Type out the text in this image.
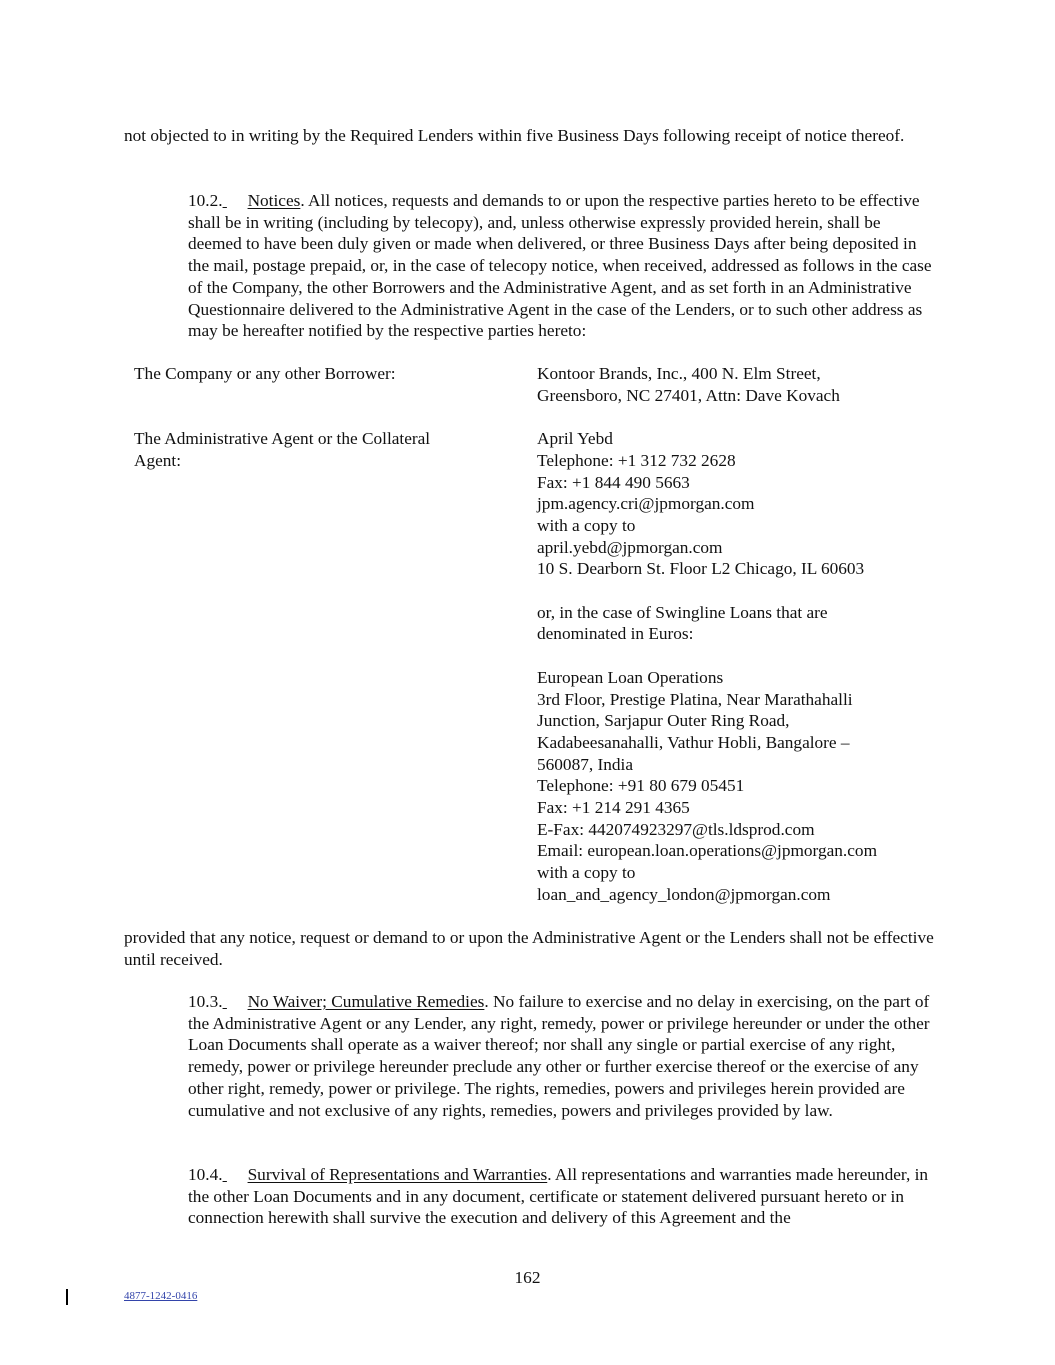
not objected to in writing by the Required Lenders within five Business Days following receipt of notice thereof.

10.2. Notices. All notices, requests and demands to or upon the respective parties hereto to be effective shall be in writing (including by telecopy), and, unless otherwise expressly provided herein, shall be deemed to have been duly given or made when delivered, or three Business Days after being deposited in the mail, postage prepaid, or, in the case of telecopy notice, when received, addressed as follows in the case of the Company, the other Borrowers and the Administrative Agent, and as set forth in an Administrative Questionnaire delivered to the Administrative Agent in the case of the Lenders, or to such other address as may be hereafter notified by the respective parties hereto:

The Company or any other Borrower:	Kontoor Brands, Inc., 400 N. Elm Street,
Greensboro, NC 27401, Attn: Dave Kovach
The Administrative Agent or the Collateral
Agent:
April Yebd
Telephone: +1 312 732 2628
Fax: +1 844 490 5663
jpm.agency.cri@jpmorgan.com
with a copy to
april.yebd@jpmorgan.com
10 S. Dearborn St. Floor L2 Chicago, IL 60603
or, in the case of Swingline Loans that are
denominated in Euros:
European Loan Operations
3rd Floor, Prestige Platina, Near Marathahalli
Junction, Sarjapur Outer Ring Road,
Kadabeesanahalli, Vathur Hobli, Bangalore –
560087, India
Telephone: +91 80 679 05451
Fax: +1 214 291 4365
E-Fax: 442074923297@tls.ldsprod.com
Email: european.loan.operations@jpmorgan.com
with a copy to
loan_and_agency_london@jpmorgan.com

provided that any notice, request or demand to or upon the Administrative Agent or the Lenders shall not be effective until received.

10.3. No Waiver; Cumulative Remedies. No failure to exercise and no delay in exercising, on the part of the Administrative Agent or any Lender, any right, remedy, power or privilege hereunder or under the other Loan Documents shall operate as a waiver thereof; nor shall any single or partial exercise of any right, remedy, power or privilege hereunder preclude any other or further exercise thereof or the exercise of any other right, remedy, power or privilege. The rights, remedies, powers and privileges herein provided are cumulative and not exclusive of any rights, remedies, powers and privileges provided by law.

10.4. Survival of Representations and Warranties. All representations and warranties made hereunder, in the other Loan Documents and in any document, certificate or statement delivered pursuant hereto or in connection herewith shall survive the execution and delivery of this Agreement and the

162
4877-1242-0416
